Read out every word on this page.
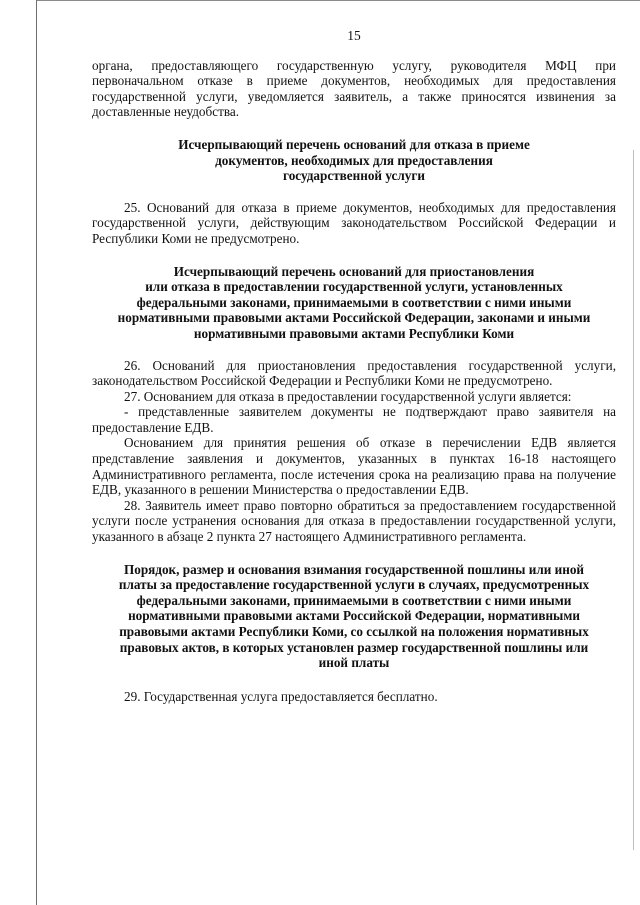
15

органа, предоставляющего государственную услугу, руководителя МФЦ при первоначальном отказе в приеме документов, необходимых для предоставления государственной услуги, уведомляется заявитель, а также приносятся извинения за доставленные неудобства.

Исчерпывающий перечень оснований для отказа в приеме
документов, необходимых для предоставления
государственной услуги

25. Оснований для отказа в приеме документов, необходимых для предоставления государственной услуги, действующим законодательством Российской Федерации и Республики Коми не предусмотрено.

Исчерпывающий перечень оснований для приостановления
или отказа в предоставлении государственной услуги, установленных
федеральными законами, принимаемыми в соответствии с ними иными
нормативными правовыми актами Российской Федерации, законами и иными
нормативными правовыми актами Республики Коми

26. Оснований для приостановления предоставления государственной услуги, законодательством Российской Федерации и Республики Коми не предусмотрено.

27. Основанием для отказа в предоставлении государственной услуги является:

- представленные заявителем документы не подтверждают право заявителя на предоставление ЕДВ.

Основанием для принятия решения об отказе в перечислении ЕДВ является представление заявления и документов, указанных в пунктах 16-18 настоящего Административного регламента, после истечения срока на реализацию права на получение ЕДВ, указанного в решении Министерства о предоставлении ЕДВ.

28. Заявитель имеет право повторно обратиться за предоставлением государственной услуги после устранения основания для отказа в предоставлении государственной услуги, указанного в абзаце 2 пункта 27 настоящего Административного регламента.

Порядок, размер и основания взимания государственной пошлины или иной
платы за предоставление государственной услуги в случаях, предусмотренных
федеральными законами, принимаемыми в соответствии с ними иными
нормативными правовыми актами Российской Федерации, нормативными
правовыми актами Республики Коми, со ссылкой на положения нормативных
правовых актов, в которых установлен размер государственной пошлины или
иной платы

29. Государственная услуга предоставляется бесплатно.
